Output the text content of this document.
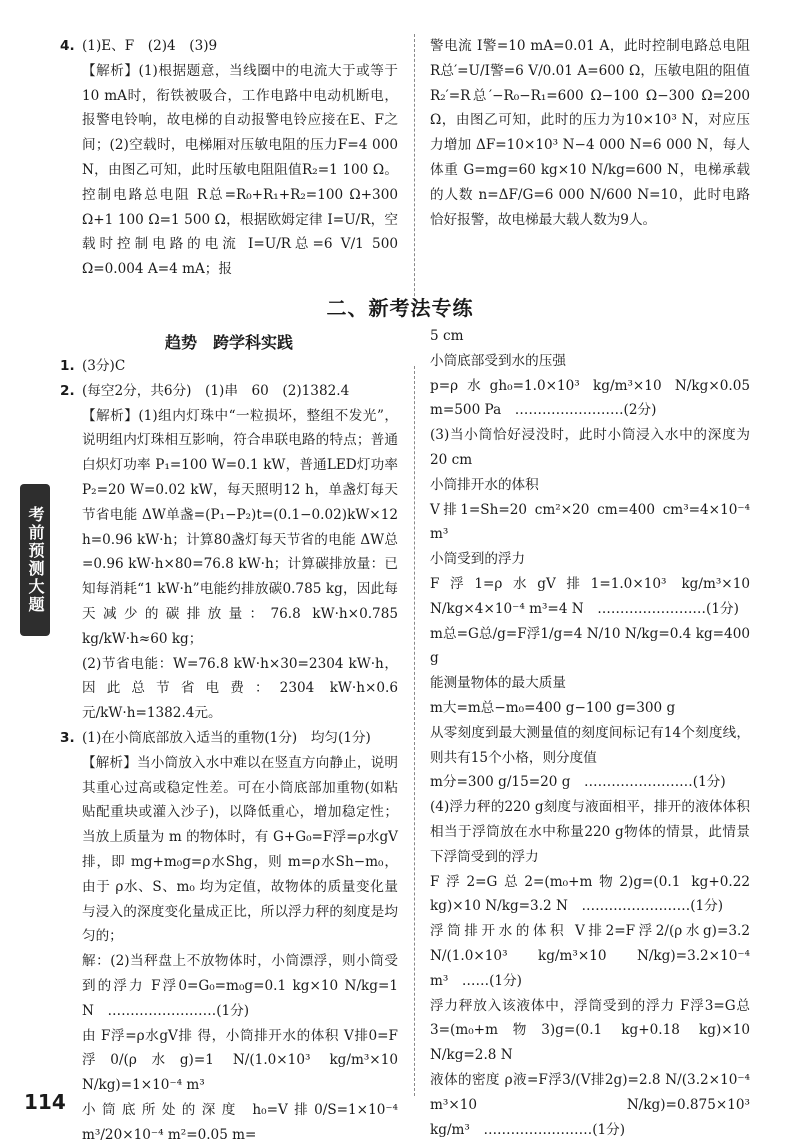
4. (1)E、F　(2)4　(3)9

【解析】(1)根据题意，当线圈中的电流大于或等于10 mA时，衔铁被吸合，工作电路中电动机断电，报警电铃响，故电梯的自动报警电铃应接在E、F之间；(2)空载时，电梯厢对压敏电阻的压力F=4 000 N，由图乙可知，此时压敏电阻阻值R₂=1 100 Ω。控制电路总电阻 R总=R₀+R₁+R₂=100 Ω+300 Ω+1 100 Ω=1 500 Ω，根据欧姆定律 I=U/R，空载时控制电路的电流 I=U/R总=6 V/1 500 Ω=0.004 A=4 mA；报

警电流 I警=10 mA=0.01 A，此时控制电路总电阻 R总′=U/I警=6 V/0.01 A=600 Ω，压敏电阻的阻值 R₂′=R总′−R₀−R₁=600 Ω−100 Ω−300 Ω=200 Ω，由图乙可知，此时的压力为10×10³ N，对应压力增加 ΔF=10×10³ N−4 000 N=6 000 N，每人体重 G=mg=60 kg×10 N/kg=600 N，电梯承载的人数 n=ΔF/G=6 000 N/600 N=10，此时电路恰好报警，故电梯最大载人数为9人。

二、新考法专练
趋势　跨学科实践

1. (3分)C

2. (每空2分，共6分)　(1)串　60　(2)1382.4

【解析】(1)组内灯珠中“一粒损坏，整组不发光”，说明组内灯珠相互影响，符合串联电路的特点；普通白炽灯功率 P₁=100 W=0.1 kW，普通LED灯功率 P₂=20 W=0.02 kW，每天照明12 h，单盏灯每天节省电能 ΔW单盏=(P₁−P₂)t=(0.1−0.02)kW×12 h=0.96 kW·h；计算80盏灯每天节省的电能 ΔW总=0.96 kW·h×80=76.8 kW·h；计算碳排放量：已知每消耗“1 kW·h”电能约排放碳0.785 kg，因此每天减少的碳排放量：76.8 kW·h×0.785 kg/kW·h≈60 kg；

(2)节省电能：W=76.8 kW·h×30=2304 kW·h，因此总节省电费：2304 kW·h×0.6 元/kW·h=1382.4元。

3. (1)在小筒底部放入适当的重物(1分)　均匀(1分)

【解析】当小筒放入水中难以在竖直方向静止，说明其重心过高或稳定性差。可在小筒底部加重物(如粘贴配重块或灌入沙子)，以降低重心，增加稳定性；当放上质量为 m 的物体时，有 G+G₀=F浮=ρ水gV排，即 mg+m₀g=ρ水Shg，则 m=ρ水Sh−m₀，由于 ρ水、S、m₀ 均为定值，故物体的质量变化量与浸入的深度变化量成正比，所以浮力秤的刻度是均匀的；

解：(2)当秤盘上不放物体时，小筒漂浮，则小筒受到的浮力 F浮0=G₀=m₀g=0.1 kg×10 N/kg=1 N　……………………(1分)

由 F浮=ρ水gV排 得，小筒排开水的体积 V排0=F浮0/(ρ水g)=1 N/(1.0×10³ kg/m³×10 N/kg)=1×10⁻⁴ m³

小筒底所处的深度 h₀=V排0/S=1×10⁻⁴ m³/20×10⁻⁴ m²=0.05 m=

5 cm

小筒底部受到水的压强

p=ρ水gh₀=1.0×10³ kg/m³×10 N/kg×0.05 m=500 Pa　……………………(2分)

(3)当小筒恰好浸没时，此时小筒浸入水中的深度为20 cm

小筒排开水的体积

V排1=Sh=20 cm²×20 cm=400 cm³=4×10⁻⁴ m³

小筒受到的浮力

F浮1=ρ水gV排1=1.0×10³ kg/m³×10 N/kg×4×10⁻⁴ m³=4 N　……………………(1分)

m总=G总/g=F浮1/g=4 N/10 N/kg=0.4 kg=400 g

能测量物体的最大质量

m大=m总−m₀=400 g−100 g=300 g

从零刻度到最大测量值的刻度间标记有14个刻度线，则共有15个小格，则分度值

m分=300 g/15=20 g　……………………(1分)

(4)浮力秤的220 g刻度与液面相平，排开的液体体积相当于浮筒放在水中称量220 g物体的情景，此情景下浮筒受到的浮力

F浮2=G总2=(m₀+m物2)g=(0.1 kg+0.22 kg)×10 N/kg=3.2 N　……………………(1分)

浮筒排开水的体积 V排2=F浮2/(ρ水g)=3.2 N/(1.0×10³ kg/m³×10 N/kg)=3.2×10⁻⁴ m³　……(1分)

浮力秤放入该液体中，浮筒受到的浮力 F浮3=G总3=(m₀+m物3)g=(0.1 kg+0.18 kg)×10 N/kg=2.8 N

液体的密度 ρ液=F浮3/(V排2g)=2.8 N/(3.2×10⁻⁴ m³×10 N/kg)=0.875×10³ kg/m³　……………………(1分)

考前预测大题
114
